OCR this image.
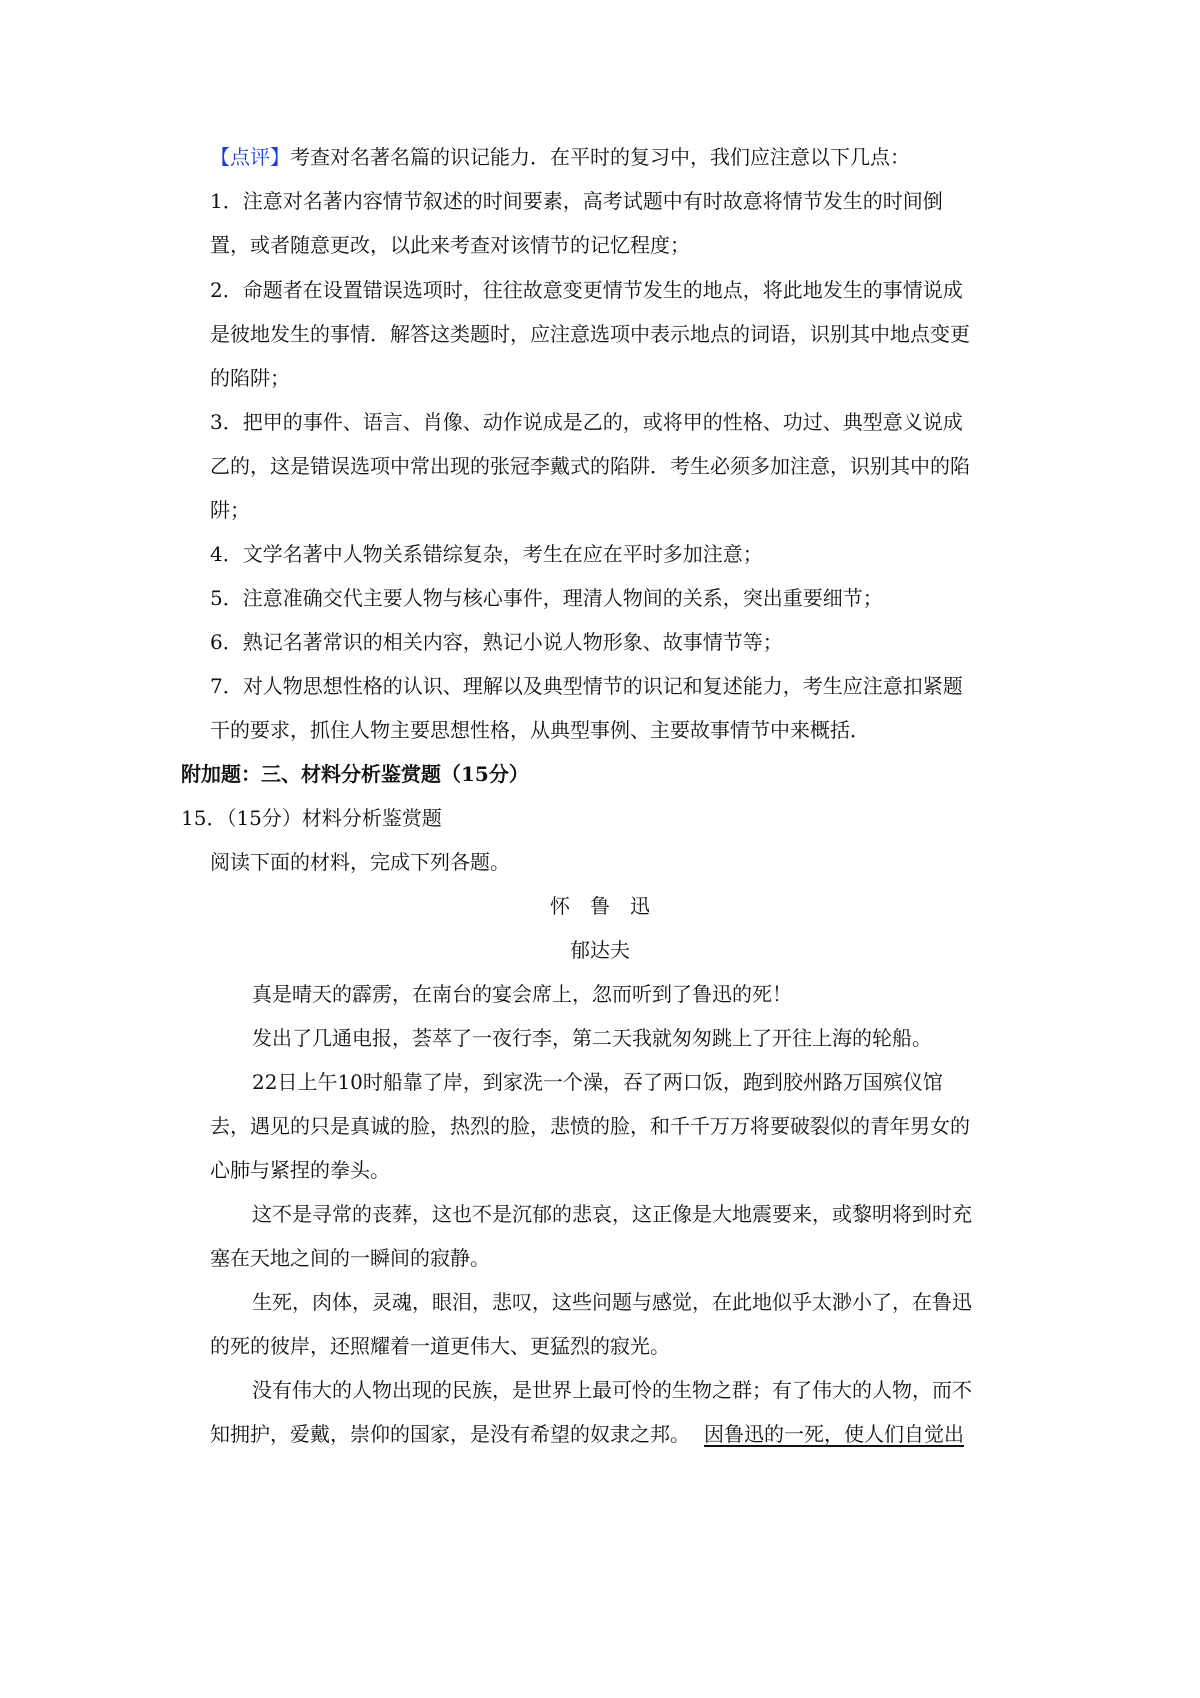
【点评】考查对名著名篇的识记能力．在平时的复习中，我们应注意以下几点：
1．注意对名著内容情节叙述的时间要素，高考试题中有时故意将情节发生的时间倒
置，或者随意更改，以此来考查对该情节的记忆程度；
2．命题者在设置错误选项时，往往故意变更情节发生的地点，将此地发生的事情说成
是彼地发生的事情．解答这类题时，应注意选项中表示地点的词语，识别其中地点变更
的陷阱；
3．把甲的事件、语言、肖像、动作说成是乙的，或将甲的性格、功过、典型意义说成
乙的，这是错误选项中常出现的张冠李戴式的陷阱．考生必须多加注意，识别其中的陷
阱；
4．文学名著中人物关系错综复杂，考生在应在平时多加注意；
5．注意准确交代主要人物与核心事件，理清人物间的关系，突出重要细节；
6．熟记名著常识的相关内容，熟记小说人物形象、故事情节等；
7．对人物思想性格的认识、理解以及典型情节的识记和复述能力，考生应注意扣紧题
干的要求，抓住人物主要思想性格，从典型事例、主要故事情节中来概括．
附加题：三、材料分析鉴赏题（15分）
15．（15分）材料分析鉴赏题
阅读下面的材料，完成下列各题。
怀　鲁　迅
郁达夫
真是晴天的霹雳，在南台的宴会席上，忽而听到了鲁迅的死！
发出了几通电报，荟萃了一夜行李，第二天我就匆匆跳上了开往上海的轮船。
22日上午10时船靠了岸，到家洗一个澡，吞了两口饭，跑到胶州路万国殡仪馆
去，遇见的只是真诚的脸，热烈的脸，悲愤的脸，和千千万万将要破裂似的青年男女的
心肺与紧捏的拳头。
这不是寻常的丧葬，这也不是沉郁的悲哀，这正像是大地震要来，或黎明将到时充
塞在天地之间的一瞬间的寂静。
生死，肉体，灵魂，眼泪，悲叹，这些问题与感觉，在此地似乎太渺小了，在鲁迅
的死的彼岸，还照耀着一道更伟大、更猛烈的寂光。
没有伟大的人物出现的民族，是世界上最可怜的生物之群；有了伟大的人物，而不
知拥护，爱戴，崇仰的国家，是没有希望的奴隶之邦。 因鲁迅的一死，使人们自觉出
